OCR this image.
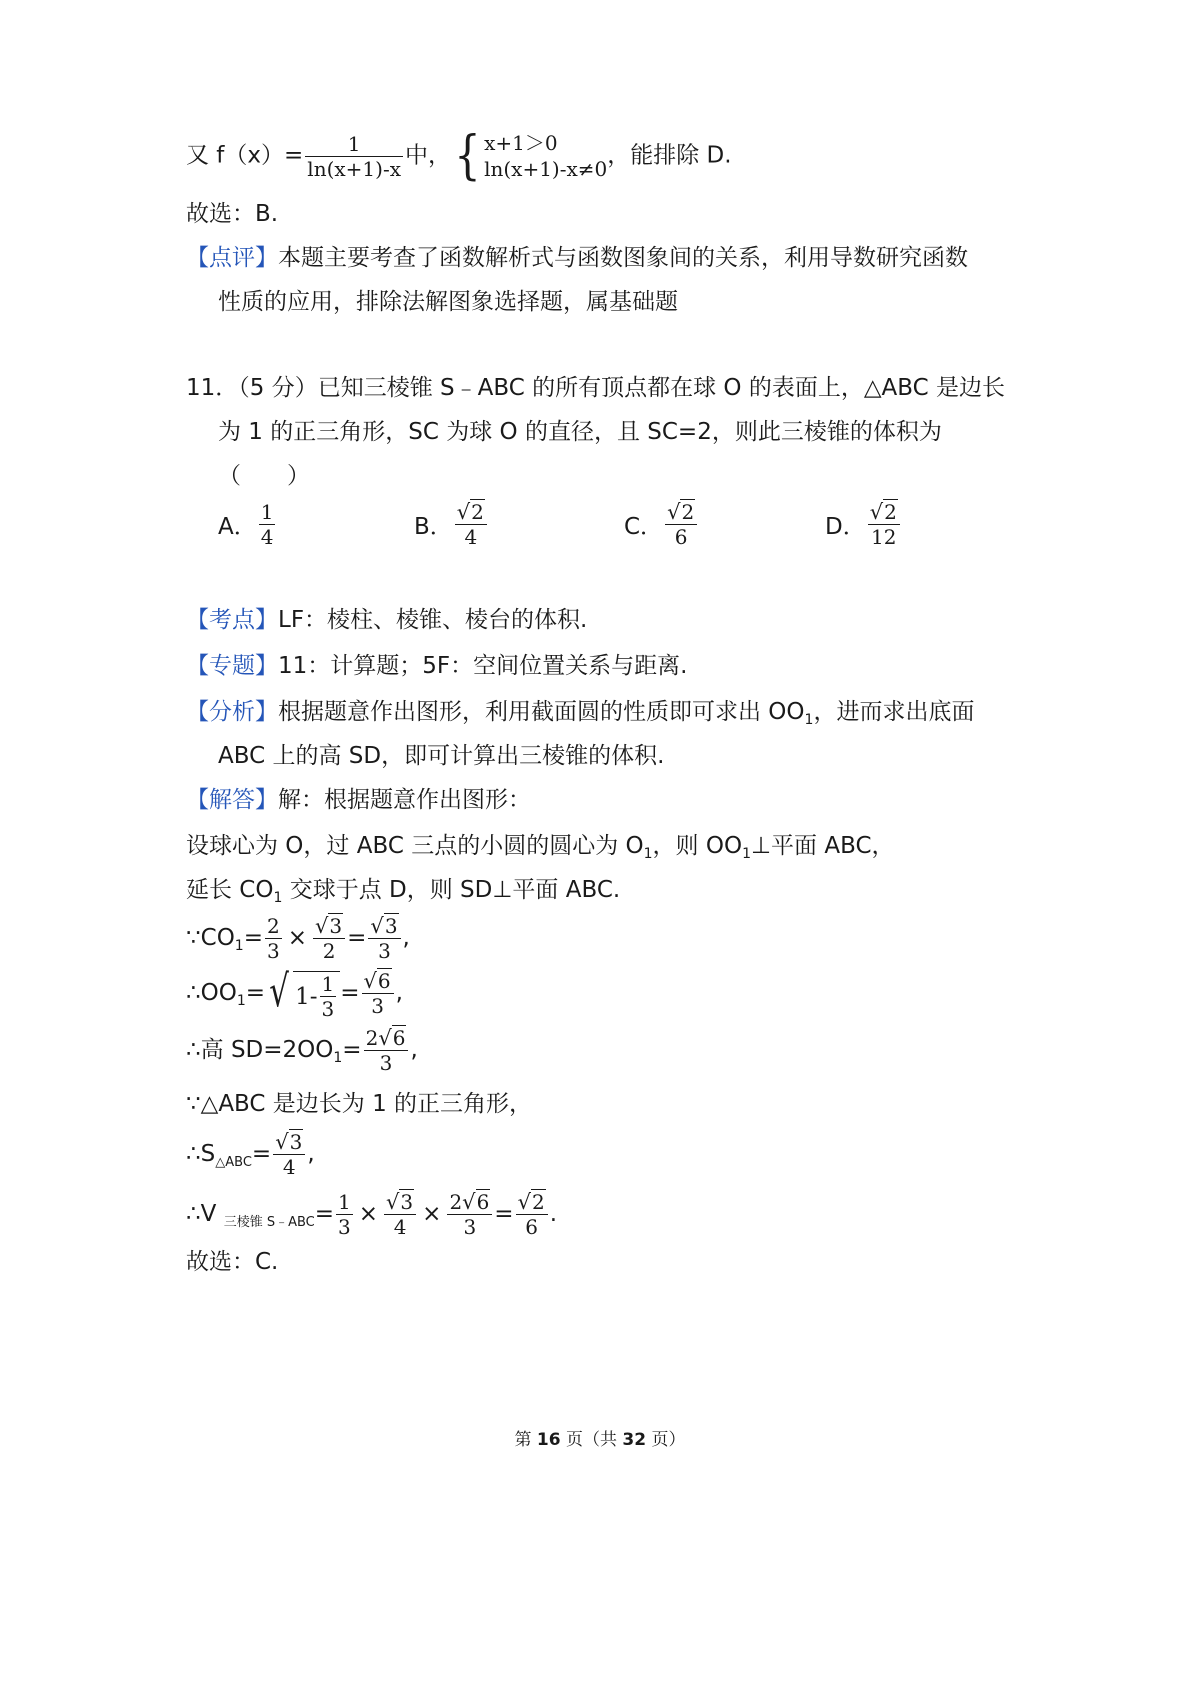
又 $f(x)= \frac{1}{\ln(x+1)-x}$ 中， { x+1＞0
ln(x+1)-x≠0
，能排除 D.
故选：B.
【点评】本题主要考查了函数解析式与函数图象间的关系，利用导数研究函数
性质的应用，排除法解图象选择题，属基础题
11．（5 分）已知三棱锥 S﹣ABC 的所有顶点都在球 O 的表面上，△ABC 是边长
为 1 的正三角形，SC 为球 O 的直径，且 SC=2，则此三棱锥的体积为
（　　）
A． $\frac{1}{4}$	B． $\frac{√2}{4}$	C． $\frac{√2}{6}$	D． $\frac{√2}{12}$
【考点】LF：棱柱、棱锥、棱台的体积.
【专题】11：计算题；5F：空间位置关系与距离.
【分析】根据题意作出图形，利用截面圆的性质即可求出 $OO_1$，进而求出底面
ABC 上的高 SD，即可计算出三棱锥的体积.
【解答】解：根据题意作出图形：
设球心为 O，过 ABC 三点的小圆的圆心为 $O_1$，则 $OO_1\perp$平面 ABC，
延长 $CO_1$ 交球于点 D，则 SD⊥平面 ABC.
$\because CO_1= \frac{2}{3} \times \frac{√3}{2} = \frac{√3}{3}$ ,
$\therefore OO_1=$ √ $1- \frac{1}{3} = \frac{√6}{3}$ ,
∴高 $SD=2OO_1= \frac{2√6}{3}$ ,
∵△ABC 是边长为 1 的正三角形，
$\therefore S_{\triangle ABC}= \frac{√3}{4}$ ,
∴V $_{三棱锥 S﹣ABC}= \frac{1}{3} \times \frac{√3}{4} \times \frac{2√6}{3} = \frac{√2}{6}$ .
故选：C.
第 16 页（共 32 页）
